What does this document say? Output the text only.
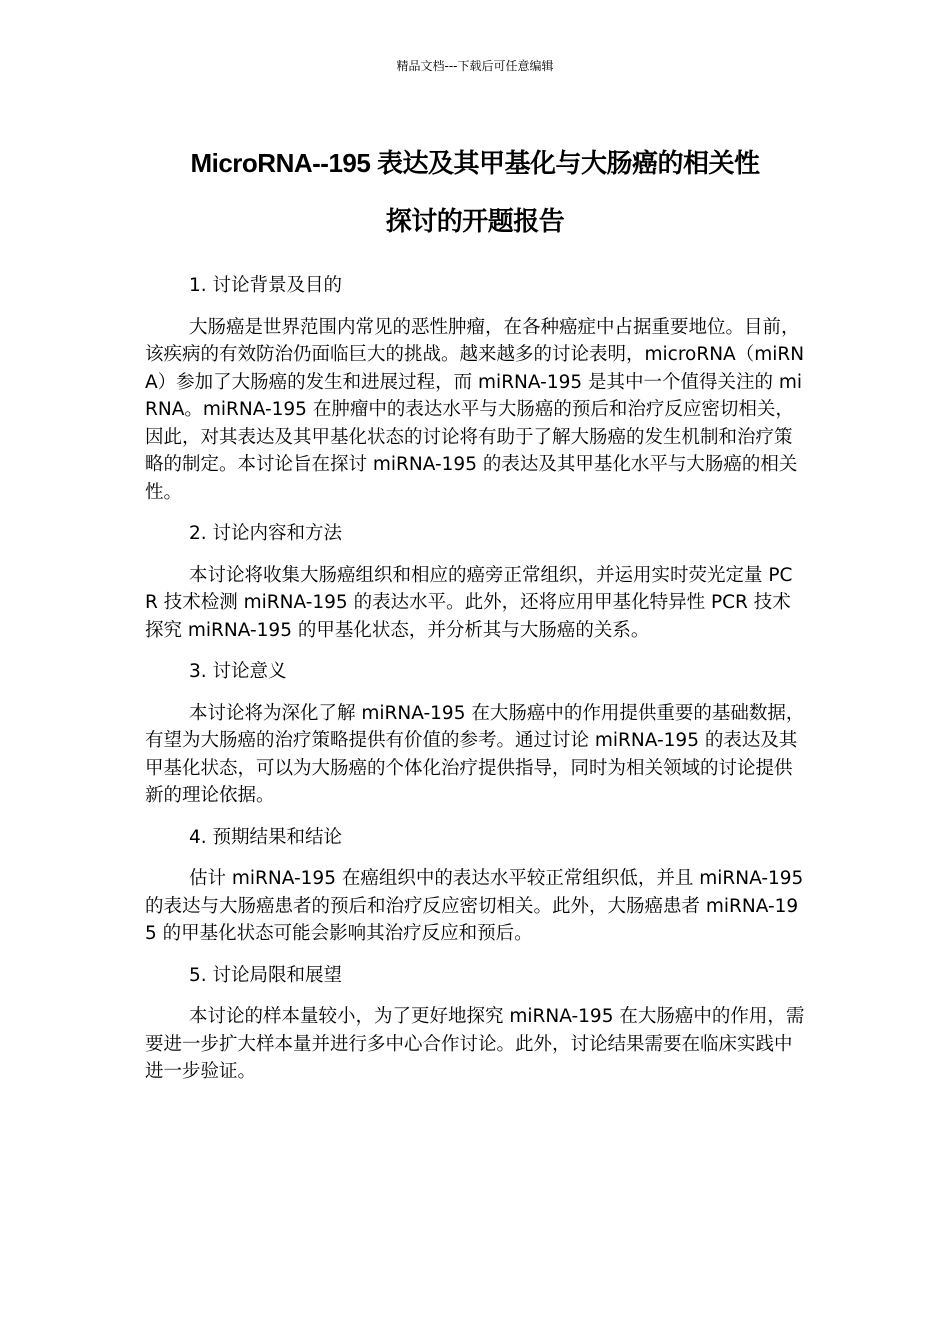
精品文档---下载后可任意编辑
MicroRNA--195 表达及其甲基化与大肠癌的相关性
探讨的开题报告

1. 讨论背景及目的

大肠癌是世界范围内常见的恶性肿瘤，在各种癌症中占据重要地位。目前，该疾病的有效防治仍面临巨大的挑战。越来越多的讨论表明，microRNA（miRNA）参加了大肠癌的发生和进展过程，而 miRNA-195 是其中一个值得关注的 miRNA。miRNA-195 在肿瘤中的表达水平与大肠癌的预后和治疗反应密切相关，因此，对其表达及其甲基化状态的讨论将有助于了解大肠癌的发生机制和治疗策略的制定。本讨论旨在探讨 miRNA-195 的表达及其甲基化水平与大肠癌的相关性。

2. 讨论内容和方法

本讨论将收集大肠癌组织和相应的癌旁正常组织，并运用实时荧光定量 PCR 技术检测 miRNA-195 的表达水平。此外，还将应用甲基化特异性 PCR 技术探究 miRNA-195 的甲基化状态，并分析其与大肠癌的关系。

3. 讨论意义

本讨论将为深化了解 miRNA-195 在大肠癌中的作用提供重要的基础数据，有望为大肠癌的治疗策略提供有价值的参考。通过讨论 miRNA-195 的表达及其甲基化状态，可以为大肠癌的个体化治疗提供指导，同时为相关领域的讨论提供新的理论依据。

4. 预期结果和结论

估计 miRNA-195 在癌组织中的表达水平较正常组织低，并且 miRNA-195 的表达与大肠癌患者的预后和治疗反应密切相关。此外，大肠癌患者 miRNA-195 的甲基化状态可能会影响其治疗反应和预后。

5. 讨论局限和展望

本讨论的样本量较小，为了更好地探究 miRNA-195 在大肠癌中的作用，需要进一步扩大样本量并进行多中心合作讨论。此外，讨论结果需要在临床实践中进一步验证。
